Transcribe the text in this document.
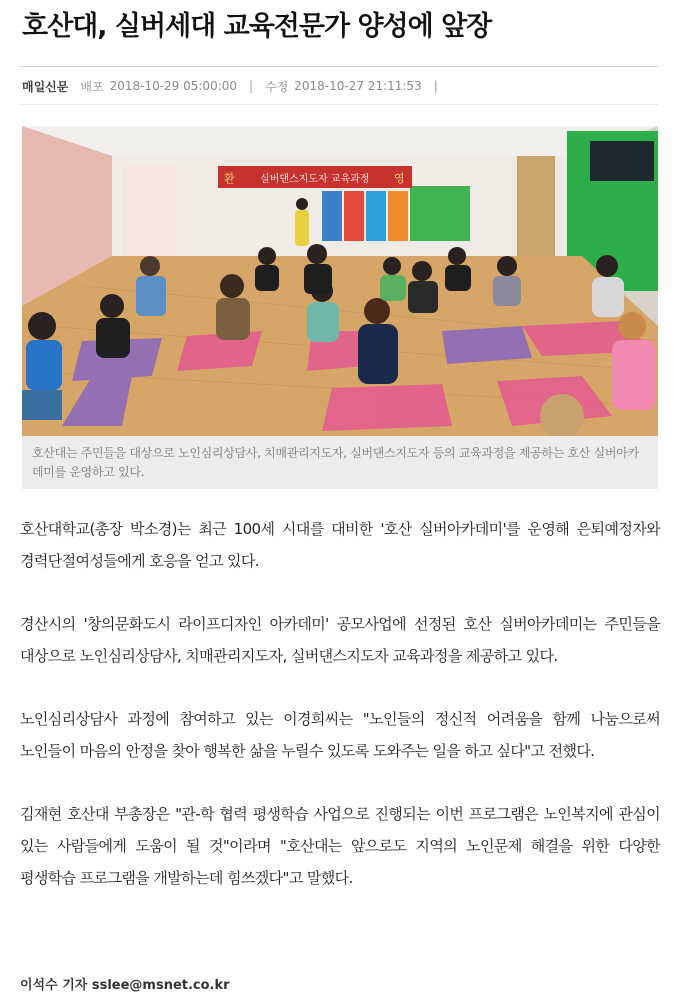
호산대, 실버세대 교육전문가 양성에 앞장
매일신문 배포 2018-10-29 05:00:00 | 수정 2018-10-27 21:11:53 |
환	실버댄스지도자 교육과정 영
호산대는 주민들을 대상으로 노인심리상담사, 치매관리지도자, 실버댄스지도자 등의 교육과정을 제공하는 호산 실버아카데미를 운영하고 있다.

호산대학교(총장 박소경)는 최근 100세 시대를 대비한 '호산 실버아카데미'를 운영해 은퇴예정자와 경력단절여성들에게 호응을 얻고 있다.

경산시의 '창의문화도시 라이프디자인 아카데미' 공모사업에 선정된 호산 실버아카데미는 주민들을 대상으로 노인심리상담사, 치매관리지도자, 실버댄스지도자 교육과정을 제공하고 있다.

노인심리상담사 과정에 참여하고 있는 이경희씨는 "노인들의 정신적 어려움을 함께 나눔으로써 노인들이 마음의 안정을 찾아 행복한 삶을 누릴수 있도록 도와주는 일을 하고 싶다"고 전했다.

김재현 호산대 부총장은 "관-학 협력 평생학습 사업으로 진행되는 이번 프로그램은 노인복지에 관심이 있는 사람들에게 도움이 될 것"이라며 "호산대는 앞으로도 지역의 노인문제 해결을 위한 다양한 평생학습 프로그램을 개발하는데 힘쓰겠다"고 말했다.

이석수 기자 sslee@msnet.co.kr
